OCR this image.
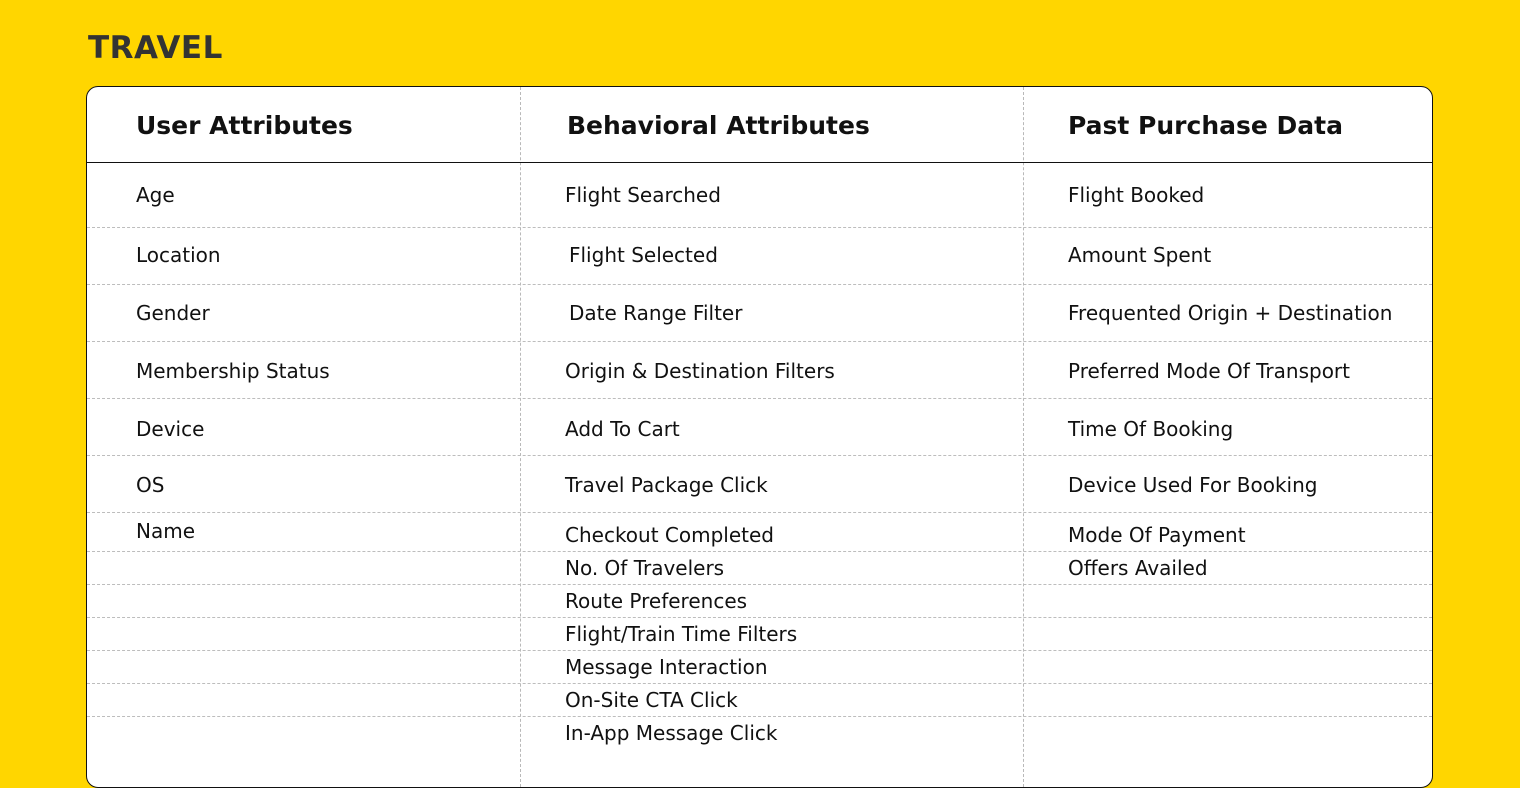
TRAVEL
User Attributes	Behavioral Attributes	Past Purchase Data
Age
Location
Gender
Membership Status
Device
OS
Name
Flight Searched
Flight Selected
Date Range Filter
Origin & Destination Filters
Add To Cart
Travel Package Click
Checkout Completed
No. Of Travelers
Route Preferences
Flight/Train Time Filters
Message Interaction
On-Site CTA Click
In-App Message Click
Flight Booked
Amount Spent
Frequented Origin + Destination
Preferred Mode Of Transport
Time Of Booking
Device Used For Booking
Mode Of Payment
Offers Availed
